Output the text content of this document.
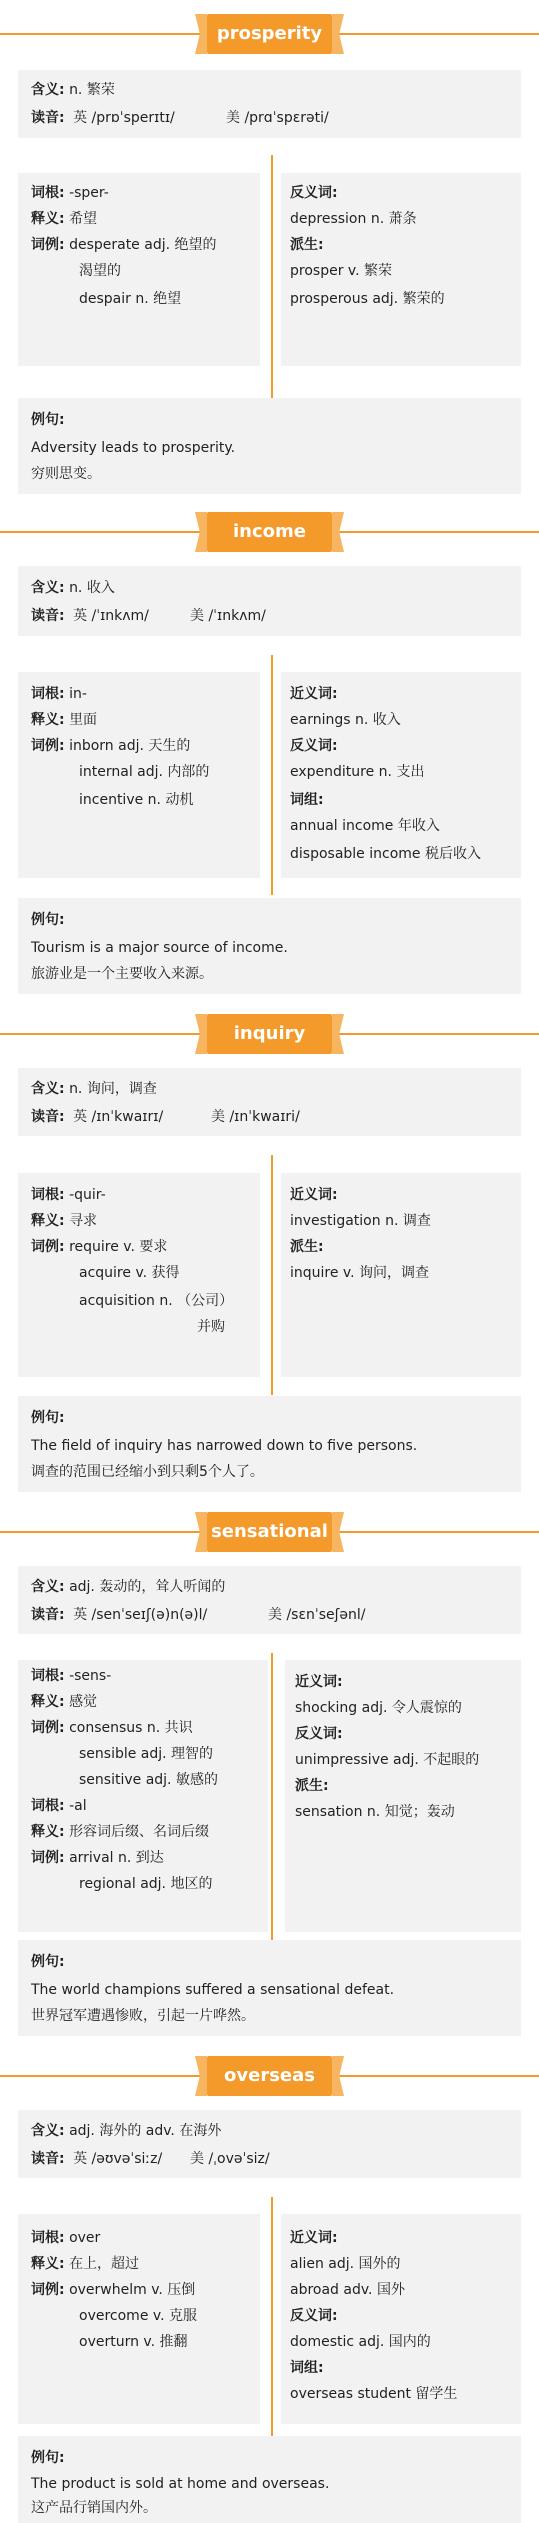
prosperity
含义: n. 繁荣
读音: 英 /prɒˈsperɪtɪ/	美 /prɑˈspɛrəti/
词根: -sper-
释义: 希望
词例: desperate adj. 绝望的
渴望的
despair n. 绝望
反义词:
depression n. 萧条
派生:
prosper v. 繁荣
prosperous adj. 繁荣的
例句:
Adversity leads to prosperity.
穷则思变。
income
含义: n. 收入
读音: 英 /ˈɪnkʌm/	美 /ˈɪnkʌm/
词根: in-
释义: 里面
词例: inborn adj. 天生的
internal adj. 内部的
incentive n. 动机
近义词:
earnings n. 收入
反义词:
expenditure n. 支出
词组:
annual income 年收入
disposable income 税后收入
例句:
Tourism is a major source of income.
旅游业是一个主要收入来源。
inquiry
含义: n. 询问，调查
读音: 英 /ɪnˈkwaɪrɪ/	美 /ɪnˈkwaɪri/
词根: -quir-
释义: 寻求
词例: require v. 要求
acquire v. 获得
acquisition n. （公司）
并购
近义词:
investigation n. 调查
派生:
inquire v. 询问，调查
例句:
The field of inquiry has narrowed down to five persons.
调查的范围已经缩小到只剩5个人了。
sensational
含义: adj. 轰动的，耸人听闻的
读音: 英 /senˈseɪʃ(ə)n(ə)l/	美 /sɛnˈseʃənl/
词根: -sens-
释义: 感觉
词例: consensus n. 共识
sensible adj. 理智的
sensitive adj. 敏感的
词根: -al
释义: 形容词后缀、名词后缀
词例: arrival n. 到达
regional adj. 地区的
近义词:
shocking adj. 令人震惊的
反义词:
unimpressive adj. 不起眼的
派生:
sensation n. 知觉；轰动
例句:
The world champions suffered a sensational defeat.
世界冠军遭遇惨败，引起一片哗然。
overseas
含义: adj. 海外的 adv. 在海外
读音: 英 /əʊvəˈsiːz/ 美 /ˌovəˈsiz/
词根: over
释义: 在上，超过
词例: overwhelm v. 压倒
overcome v. 克服
overturn v. 推翻
近义词:
alien adj. 国外的
abroad adv. 国外
反义词:
domestic adj. 国内的
词组:
overseas student 留学生
例句:
The product is sold at home and overseas.
这产品行销国内外。
